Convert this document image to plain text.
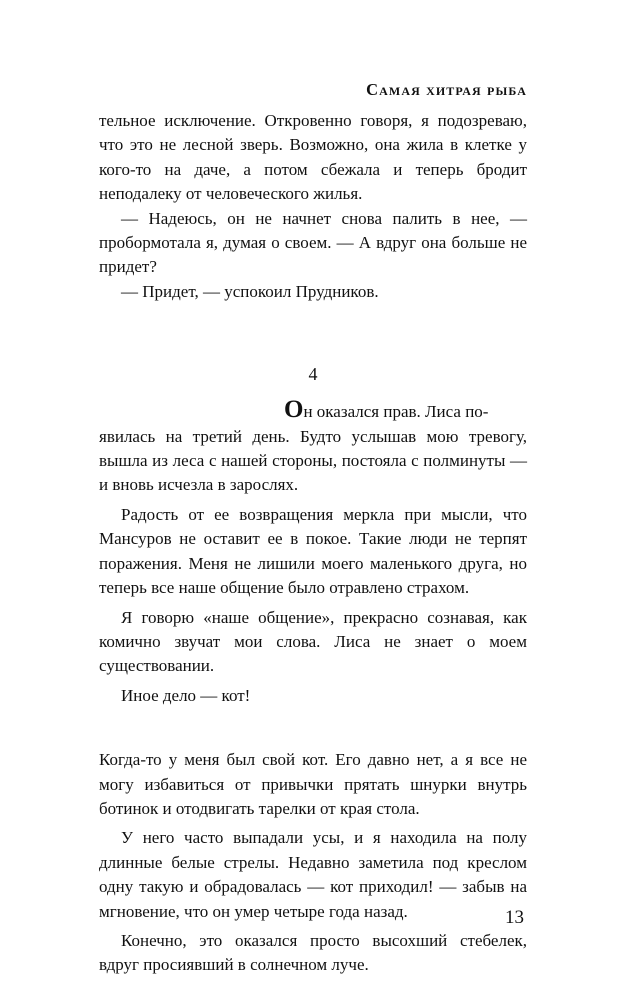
Самая хитрая рыба

тельное исключение. Откровенно говоря, я подозреваю, что это не лесной зверь. Возможно, она жила в клетке у кого-то на даче, а потом сбежала и теперь бродит неподалеку от человеческого жилья.

— Надеюсь, он не начнет снова палить в нее, — пробормотала я, думая о своем. — А вдруг она больше не придет?

— Придет, — успокоил Прудников.

4

Он оказался прав. Лиса по-

явилась на третий день. Будто услышав мою тревогу, вышла из леса с нашей стороны, постояла с полминуты — и вновь исчезла в зарослях.

Радость от ее возвращения меркла при мысли, что Мансуров не оставит ее в покое. Такие люди не терпят поражения. Меня не лишили моего маленького друга, но теперь все наше общение было отравлено страхом.

Я говорю «наше общение», прекрасно сознавая, как комично звучат мои слова. Лиса не знает о моем существовании.

Иное дело — кот!

Когда-то у меня был свой кот. Его давно нет, а я все не могу избавиться от привычки прятать шнурки внутрь ботинок и отодвигать тарелки от края стола.

У него часто выпадали усы, и я находила на полу длинные белые стрелы. Недавно заметила под креслом одну такую и обрадовалась — кот приходил! — забыв на мгновение, что он умер четыре года назад.

Конечно, это оказался просто высохший стебелек, вдруг просиявший в солнечном луче.

13
